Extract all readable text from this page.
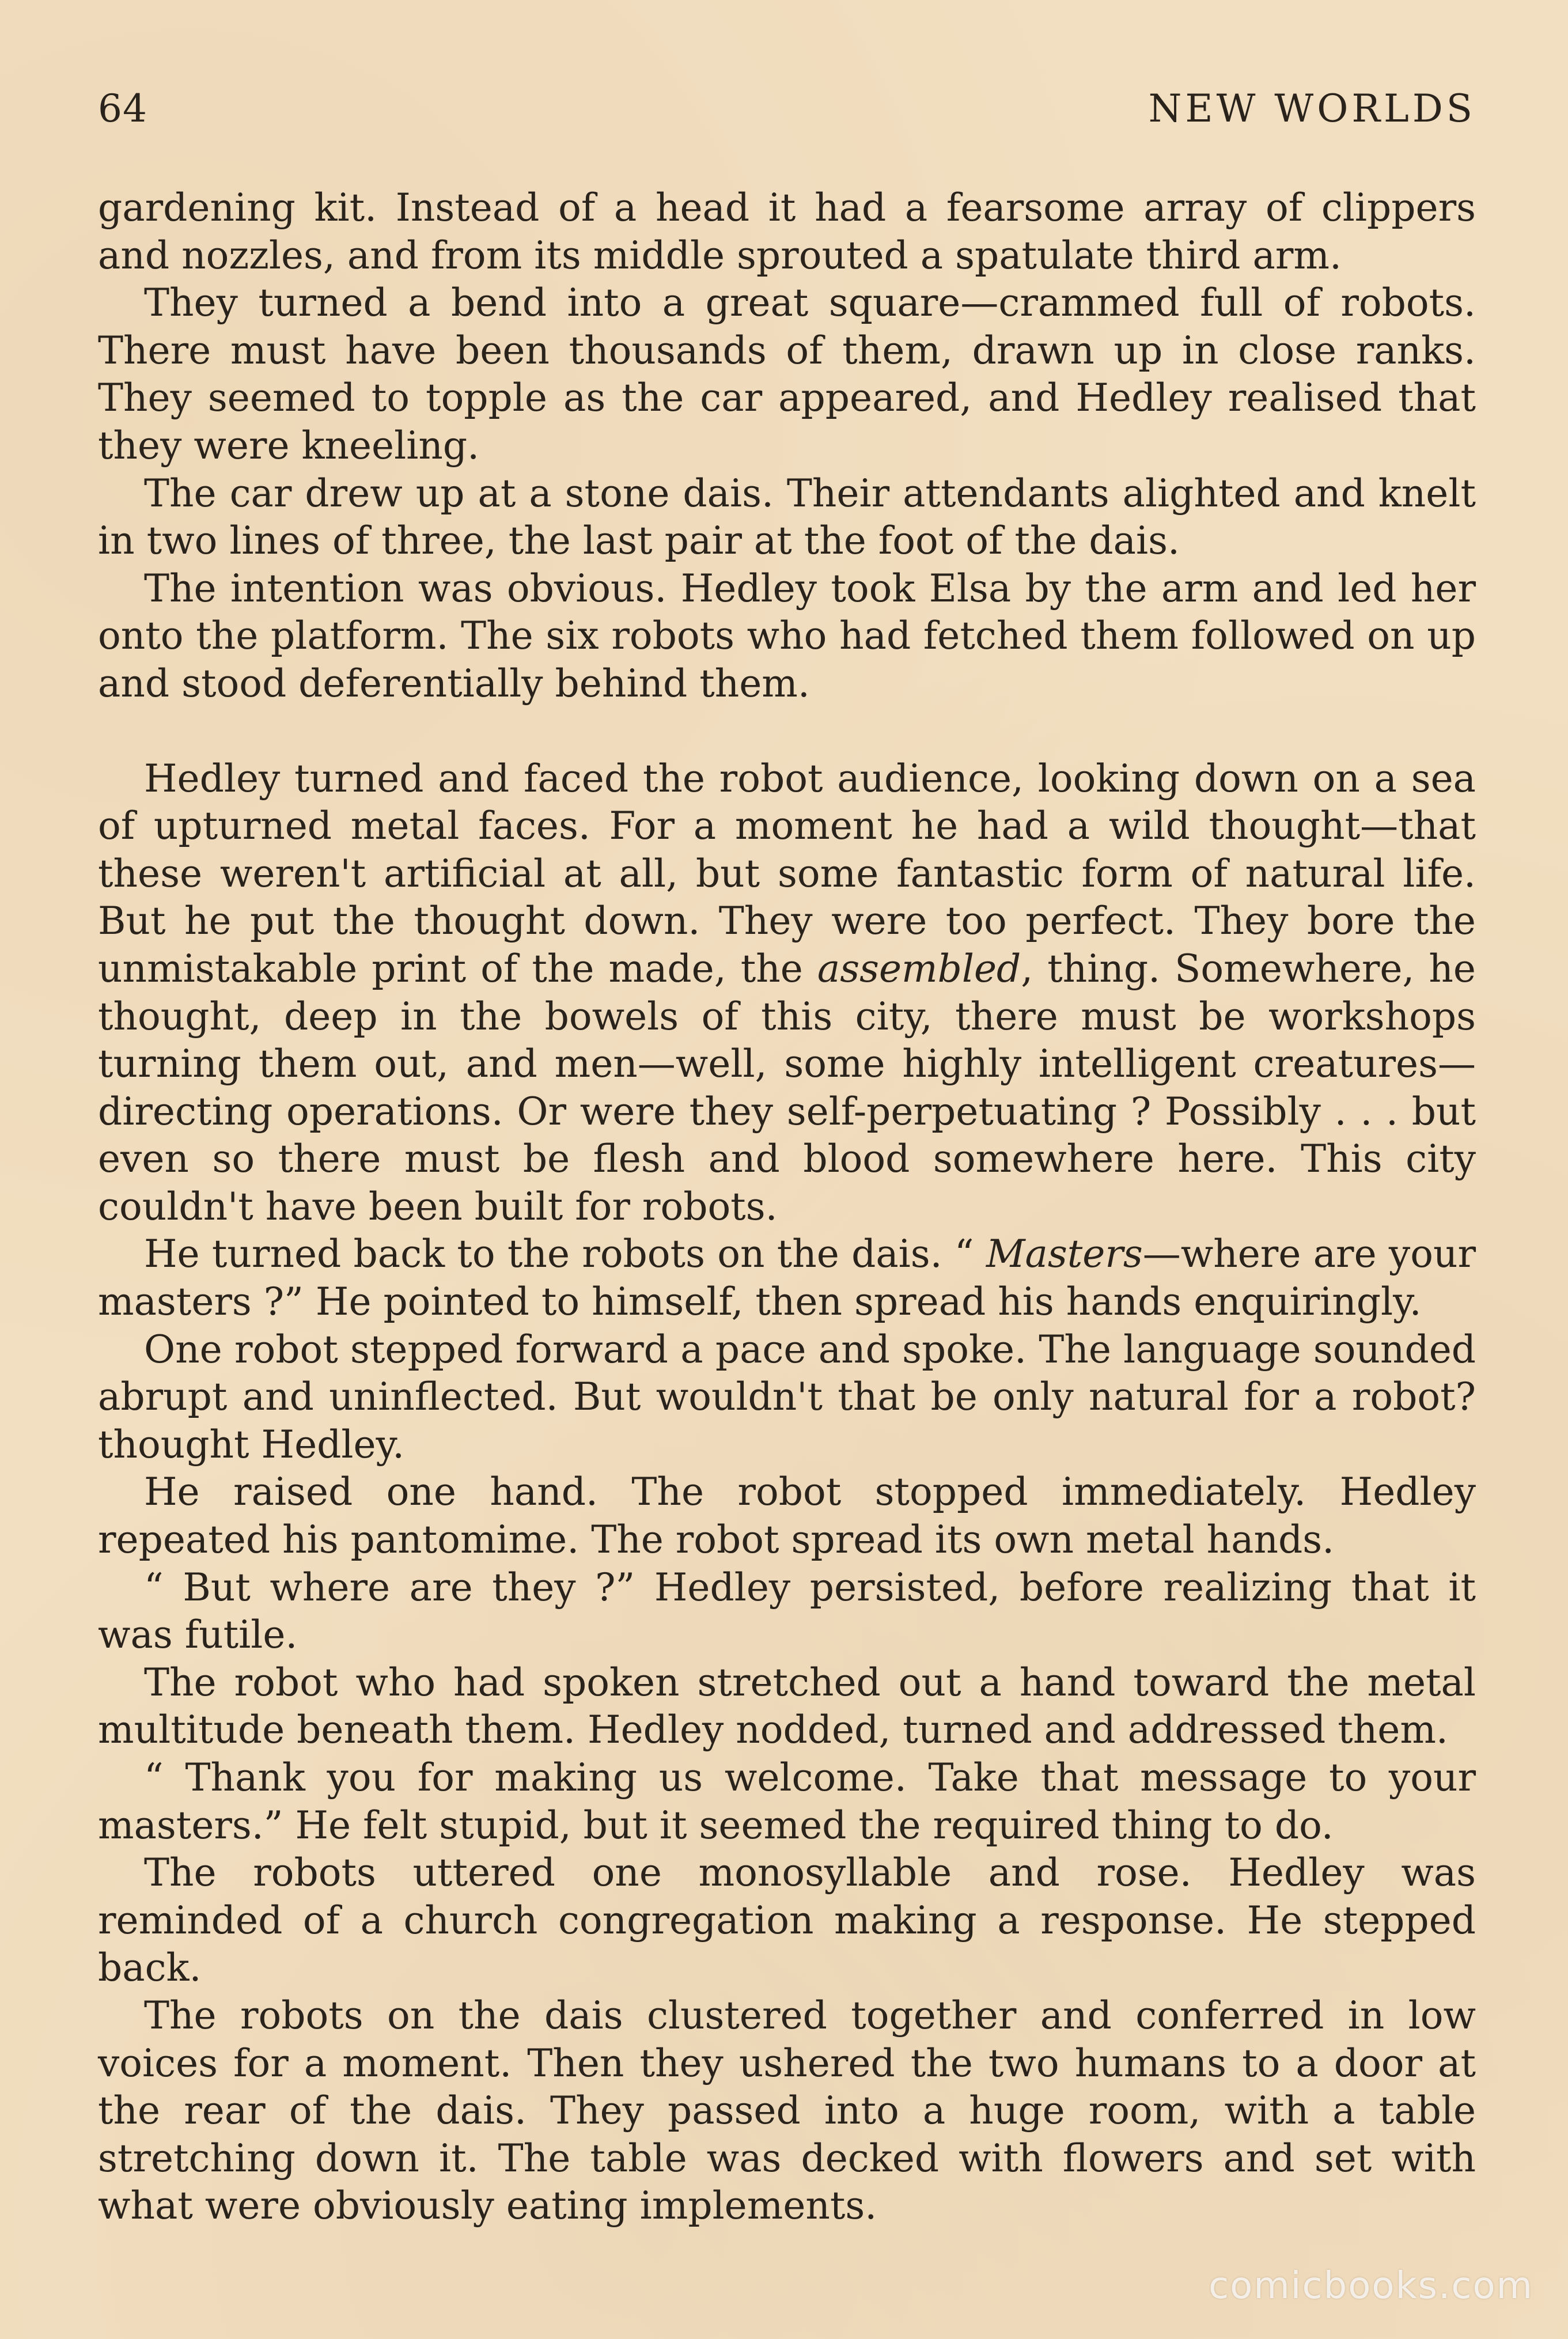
64	NEW WORLDS

gardening kit. Instead of a head it had a fearsome array of clippers and nozzles, and from its middle sprouted a spatulate third arm.

They turned a bend into a great square—crammed full of robots. There must have been thousands of them, drawn up in close ranks. They seemed to topple as the car appeared, and Hedley realised that they were kneeling.

The car drew up at a stone dais. Their attendants alighted and knelt in two lines of three, the last pair at the foot of the dais.

The intention was obvious. Hedley took Elsa by the arm and led her onto the platform. The six robots who had fetched them followed on up and stood deferentially behind them.

Hedley turned and faced the robot audience, looking down on a sea of upturned metal faces. For a moment he had a wild thought—that these weren't artificial at all, but some fantastic form of natural life. But he put the thought down. They were too perfect. They bore the unmistakable print of the made, the assembled, thing. Somewhere, he thought, deep in the bowels of this city, there must be workshops turning them out, and men—well, some highly intelligent creatures—directing operations. Or were they self-perpetuating ? Possibly . . . but even so there must be flesh and blood somewhere here. This city couldn't have been built for robots.

He turned back to the robots on the dais. “ Masters—where are your masters ?” He pointed to himself, then spread his hands enquiringly.

One robot stepped forward a pace and spoke. The language sounded abrupt and uninflected. But wouldn't that be only natural for a robot? thought Hedley.

He raised one hand. The robot stopped immediately. Hedley repeated his pantomime. The robot spread its own metal hands.

“ But where are they ?” Hedley persisted, before realizing that it was futile.

The robot who had spoken stretched out a hand toward the metal multitude beneath them. Hedley nodded, turned and addressed them.

“ Thank you for making us welcome. Take that message to your masters.” He felt stupid, but it seemed the required thing to do.

The robots uttered one monosyllable and rose. Hedley was reminded of a church congregation making a response. He stepped back.

The robots on the dais clustered together and conferred in low voices for a moment. Then they ushered the two humans to a door at the rear of the dais. They passed into a huge room, with a table stretching down it. The table was decked with flowers and set with what were obviously eating implements.

comicbooks.com
